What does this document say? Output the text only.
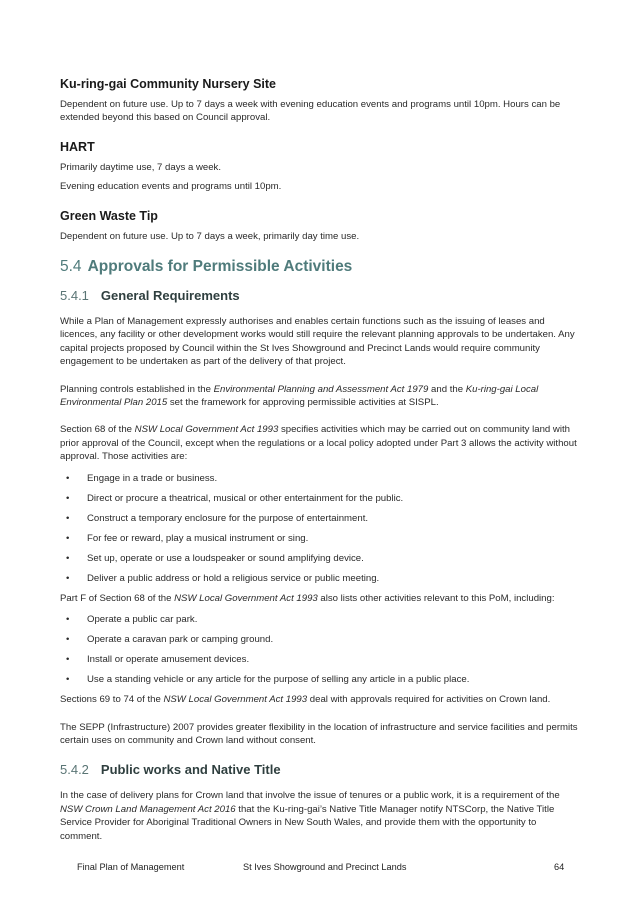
Ku-ring-gai Community Nursery Site

Dependent on future use. Up to 7 days a week with evening education events and programs until 10pm. Hours can be extended beyond this based on Council approval.

HART

Primarily daytime use, 7 days a week.

Evening education events and programs until 10pm.

Green Waste Tip

Dependent on future use. Up to 7 days a week, primarily day time use.

5.4 Approvals for Permissible Activities
5.4.1 General Requirements

While a Plan of Management expressly authorises and enables certain functions such as the issuing of leases and licences, any facility or other development works would still require the relevant planning approvals to be undertaken. Any capital projects proposed by Council within the St Ives Showground and Precinct Lands would require community engagement to be undertaken as part of the delivery of that project.

Planning controls established in the Environmental Planning and Assessment Act 1979 and the Ku-ring-gai Local Environmental Plan 2015 set the framework for approving permissible activities at SISPL.

Section 68 of the NSW Local Government Act 1993 specifies activities which may be carried out on community land with prior approval of the Council, except when the regulations or a local policy adopted under Part 3 allows the activity without approval. Those activities are:

• Engage in a trade or business.
• Direct or procure a theatrical, musical or other entertainment for the public.
• Construct a temporary enclosure for the purpose of entertainment.
• For fee or reward, play a musical instrument or sing.
• Set up, operate or use a loudspeaker or sound amplifying device.
• Deliver a public address or hold a religious service or public meeting.

Part F of Section 68 of the NSW Local Government Act 1993 also lists other activities relevant to this PoM, including:

• Operate a public car park.
• Operate a caravan park or camping ground.
• Install or operate amusement devices.
• Use a standing vehicle or any article for the purpose of selling any article in a public place.

Sections 69 to 74 of the NSW Local Government Act 1993 deal with approvals required for activities on Crown land.

The SEPP (Infrastructure) 2007 provides greater flexibility in the location of infrastructure and service facilities and permits certain uses on community and Crown land without consent.

5.4.2 Public works and Native Title

In the case of delivery plans for Crown land that involve the issue of tenures or a public work, it is a requirement of the NSW Crown Land Management Act 2016 that the Ku-ring-gai’s Native Title Manager notify NTSCorp, the Native Title Service Provider for Aboriginal Traditional Owners in New South Wales, and provide them with the opportunity to comment.

Final Plan of Management	St Ives Showground and Precinct Lands	64
